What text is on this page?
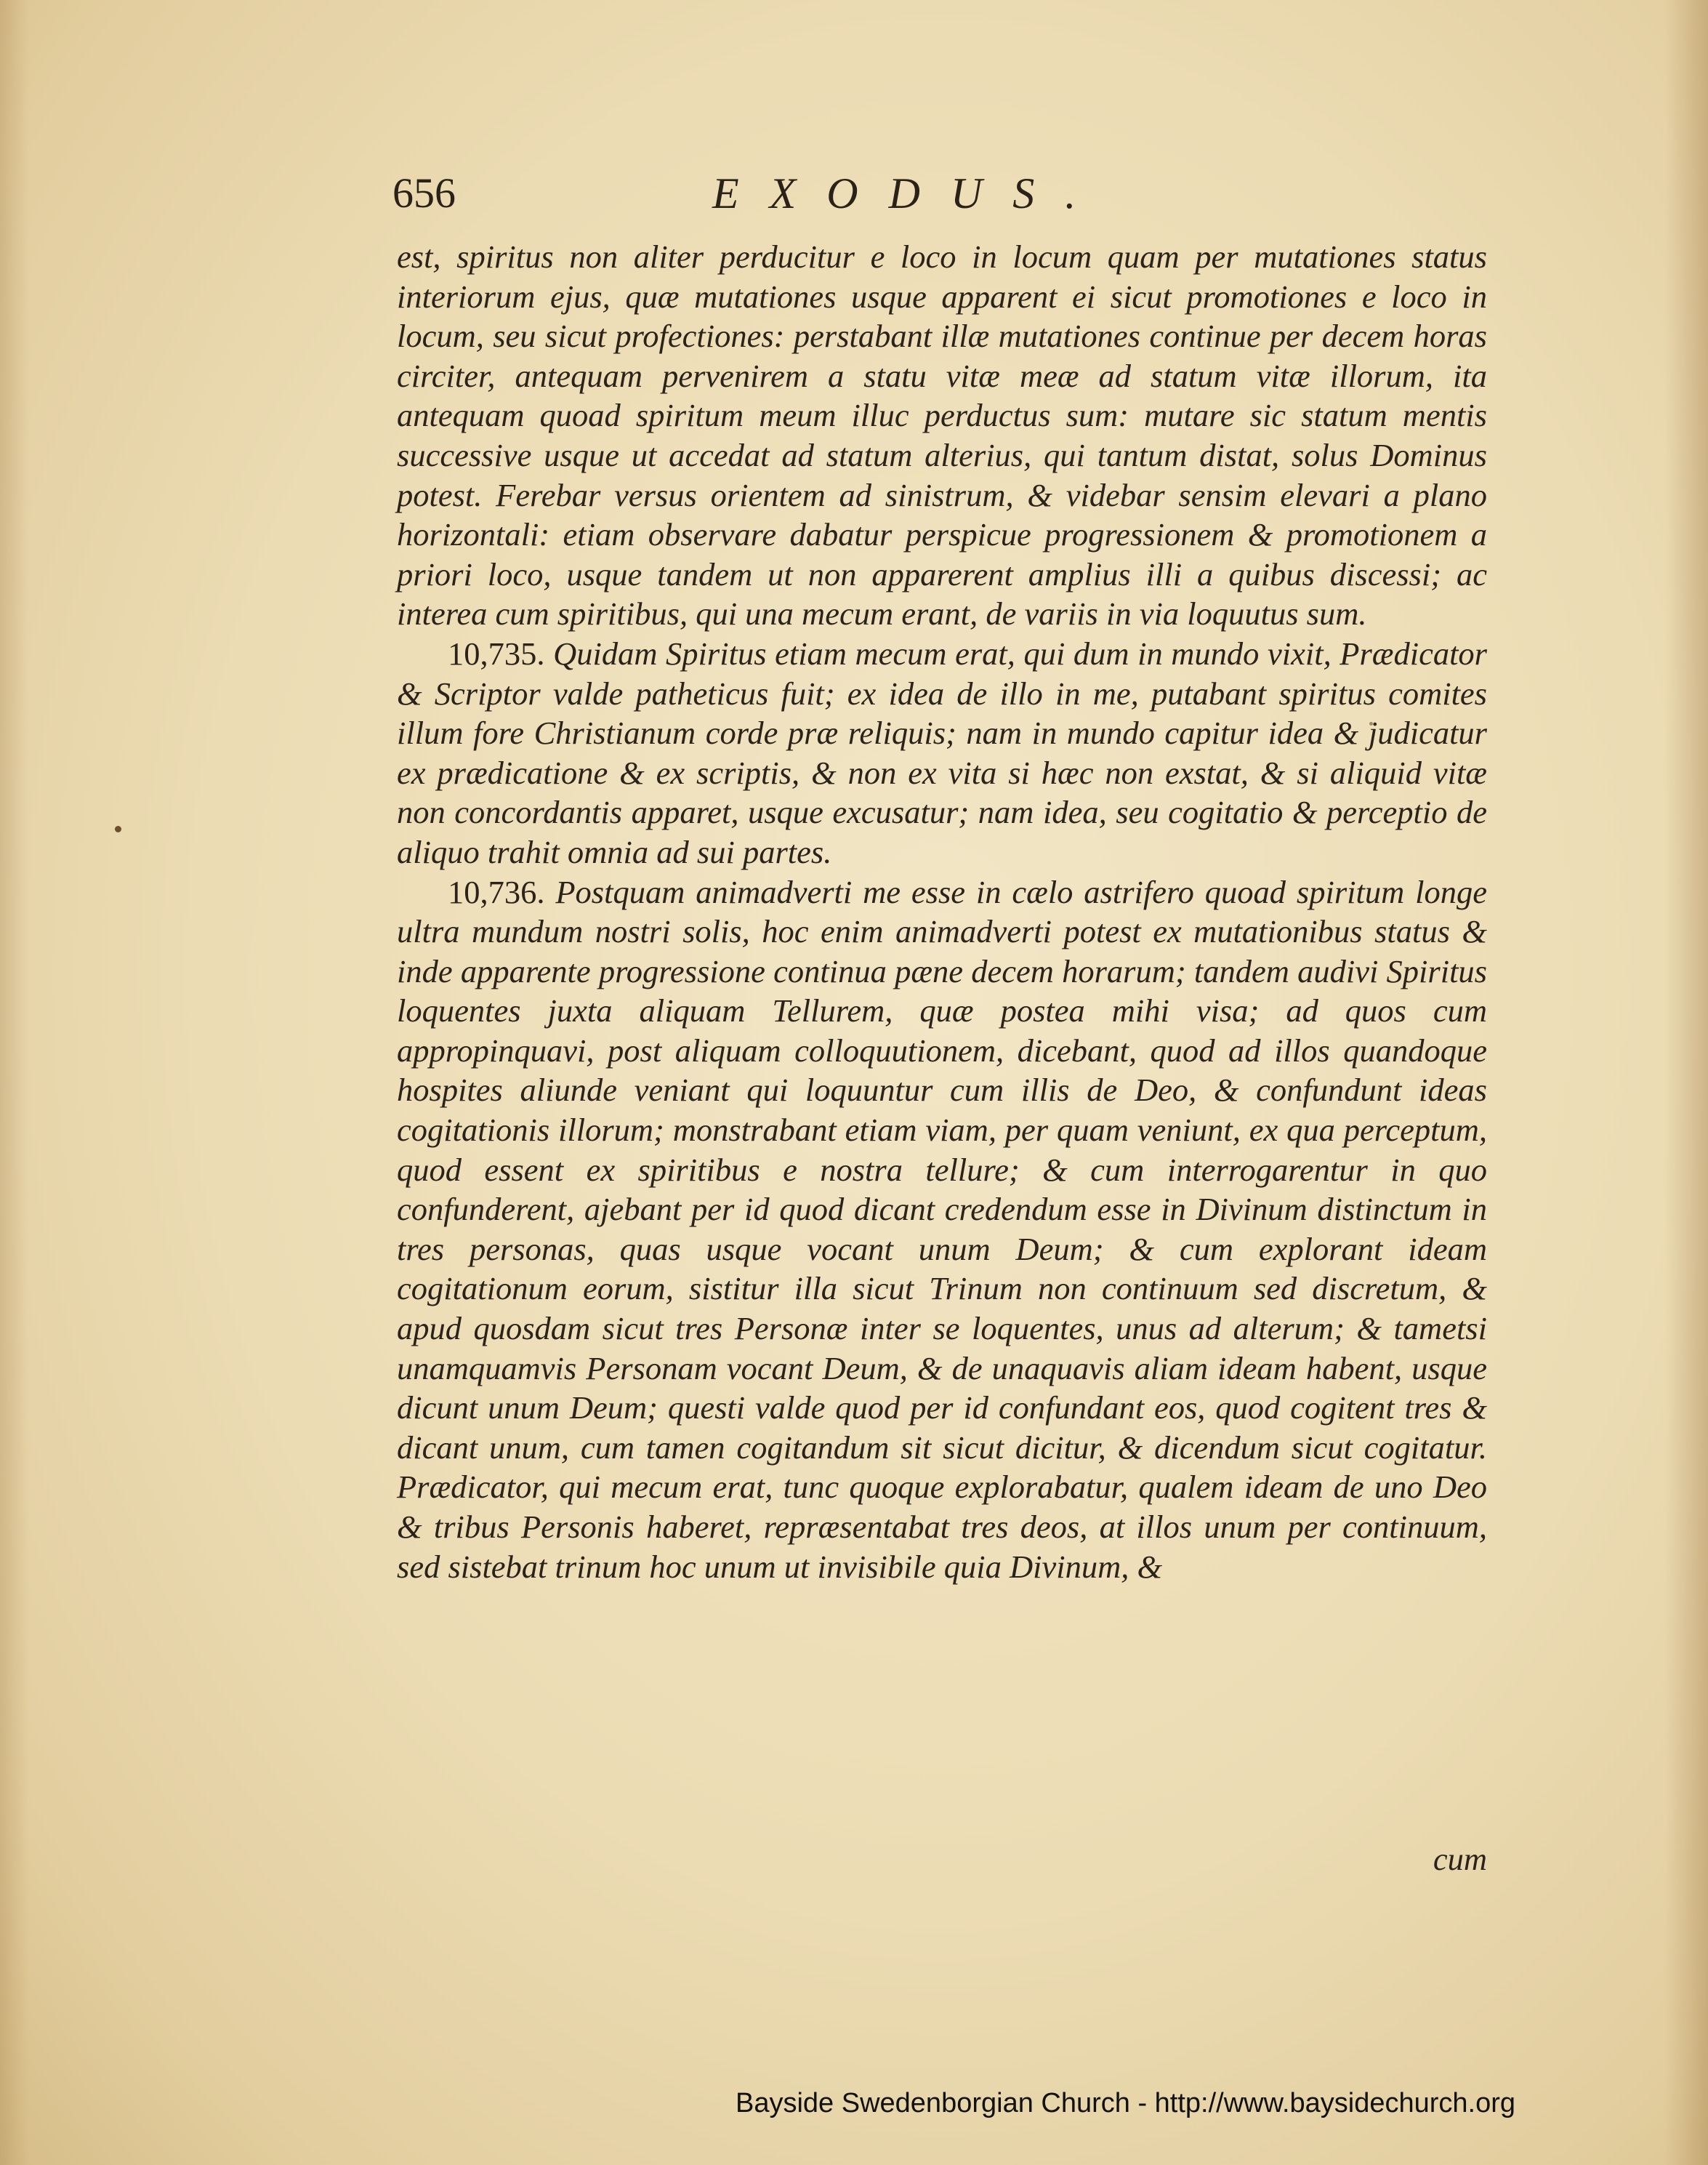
656	EXODUS.

est, spiritus non aliter perducitur e loco in locum quam per mutationes status interiorum ejus, quæ mutationes usque apparent ei sicut promotiones e loco in locum, seu sicut profectiones: perstabant illæ mutationes continue per decem horas circiter, antequam pervenirem a statu vitæ meæ ad statum vitæ illorum, ita antequam quoad spiritum meum illuc perductus sum: mutare sic statum mentis successive usque ut accedat ad statum alterius, qui tantum distat, solus Dominus potest. Ferebar versus orientem ad sinistrum, & videbar sensim elevari a plano horizontali: etiam observare dabatur perspicue progressionem & promotionem a priori loco, usque tandem ut non apparerent amplius illi a quibus discessi; ac interea cum spiritibus, qui una mecum erant, de variis in via loquutus sum.

10,735. Quidam Spiritus etiam mecum erat, qui dum in mundo vixit, Prædicator & Scriptor valde patheticus fuit; ex idea de illo in me, putabant spiritus comites illum fore Christianum corde præ reliquis; nam in mundo capitur idea & judicatur ex prædicatione & ex scriptis, & non ex vita si hæc non exstat, & si aliquid vitæ non concordantis apparet, usque excusatur; nam idea, seu cogitatio & perceptio de aliquo trahit omnia ad sui partes.

10,736. Postquam animadverti me esse in cælo astrifero quoad spiritum longe ultra mundum nostri solis, hoc enim animadverti potest ex mutationibus status & inde apparente progressione continua pæne decem horarum; tandem audivi Spiritus loquentes juxta aliquam Tellurem, quæ postea mihi visa; ad quos cum appropinquavi, post aliquam colloquutionem, dicebant, quod ad illos quandoque hospites aliunde veniant qui loquuntur cum illis de Deo, & confundunt ideas cogitationis illorum; monstrabant etiam viam, per quam veniunt, ex qua perceptum, quod essent ex spiritibus e nostra tellure; & cum interrogarentur in quo confunderent, ajebant per id quod dicant credendum esse in Divinum distinctum in tres personas, quas usque vocant unum Deum; & cum explorant ideam cogitationum eorum, sistitur illa sicut Trinum non continuum sed discretum, & apud quosdam sicut tres Personæ inter se loquentes, unus ad alterum; & tametsi unamquamvis Personam vocant Deum, & de unaquavis aliam ideam habent, usque dicunt unum Deum; questi valde quod per id confundant eos, quod cogitent tres & dicant unum, cum tamen cogitandum sit sicut dicitur, & dicendum sicut cogitatur. Prædicator, qui mecum erat, tunc quoque explorabatur, qualem ideam de uno Deo & tribus Personis haberet, repræsentabat tres deos, at illos unum per continuum, sed sistebat trinum hoc unum ut invisibile quia Divinum, &

cum
Bayside Swedenborgian Church - http://www.baysidechurch.org
